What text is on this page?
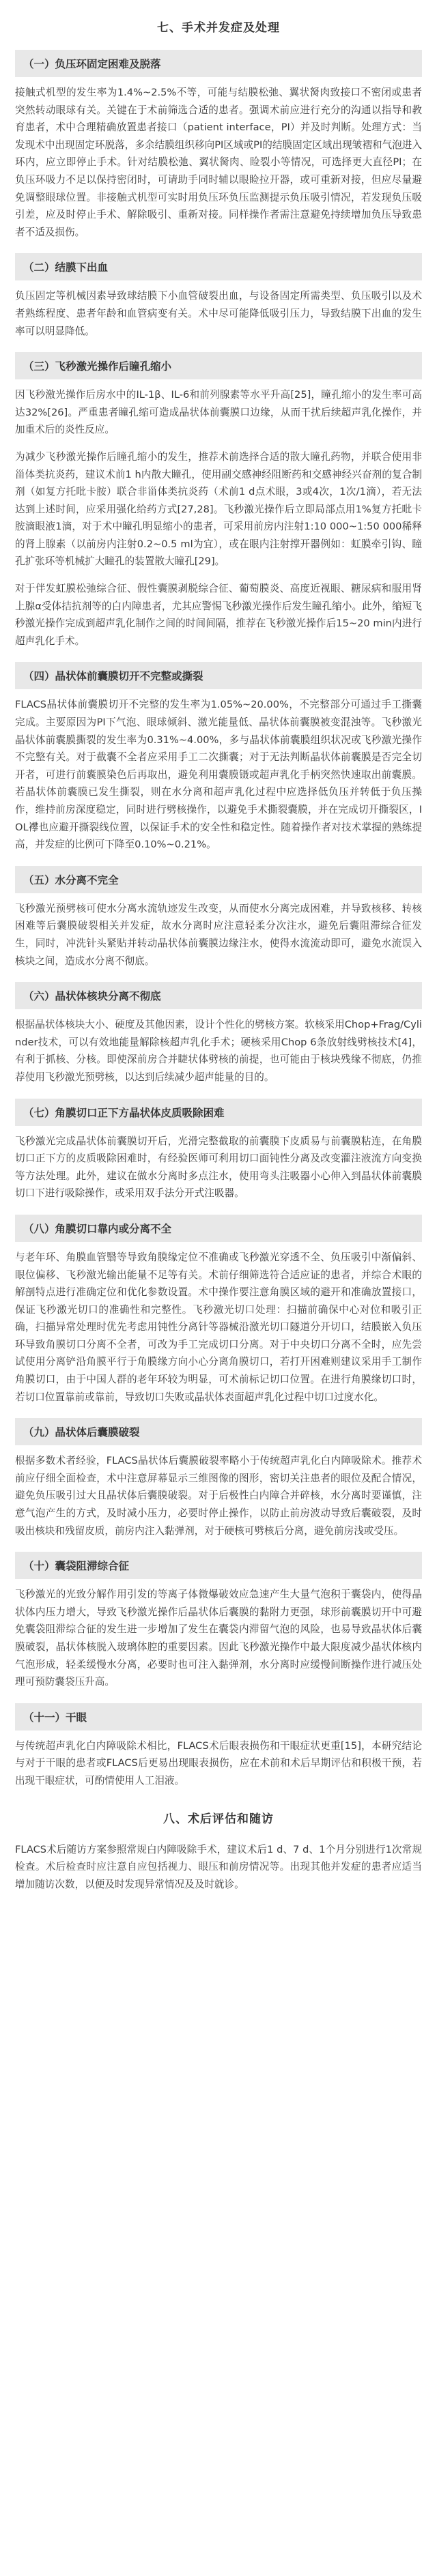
七、手术并发症及处理
（一）负压环固定困难及脱落

接触式机型的发生率为1.4%~2.5%不等，可能与结膜松弛、翼状胬肉致接口不密闭或患者突然转动眼球有关。关键在于术前筛选合适的患者。强调术前应进行充分的沟通以指导和教育患者，术中合理精确放置患者接口（patient interface，PI）并及时判断。处理方式：当发现术中出现固定环脱落，多余结膜组织移向PI区域或PI的结膜固定区域出现皱褶和气泡进入环内，应立即停止手术。针对结膜松弛、翼状胬肉、睑裂小等情况，可选择更大直径PI；在负压环吸力不足以保持密闭时，可请助手同时辅以眼睑拉开器，或可重新对接，但应尽量避免调整眼球位置。非接触式机型可实时用负压环负压监测提示负压吸引情况，若发现负压吸引差，应及时停止手术、解除吸引、重新对接。同样操作者需注意避免持续增加负压导致患者不适及损伤。

（二）结膜下出血

负压固定等机械因素导致球结膜下小血管破裂出血，与设备固定所需类型、负压吸引以及术者熟练程度、患者年龄和血管病变有关。术中尽可能降低吸引压力，导致结膜下出血的发生率可以明显降低。

（三）飞秒激光操作后瞳孔缩小

因飞秒激光操作后房水中的IL-1β、IL-6和前列腺素等水平升高[25]，瞳孔缩小的发生率可高达32%[26]。严重患者瞳孔缩可造成晶状体前囊膜口边缘，从而干扰后续超声乳化操作，并加重术后的炎性反应。

为减少飞秒激光操作后瞳孔缩小的发生，推荐术前选择合适的散大瞳孔药物，并联合使用非甾体类抗炎药，建议术前1 h内散大瞳孔，使用副交感神经阻断药和交感神经兴奋剂的复合制剂（如复方托吡卡胺）联合非甾体类抗炎药（术前1 d点术眼，3或4次，1次/1滴），若无法达到上述时间，应采用强化给药方式[27,28]。飞秒激光操作后立即局部点用1%复方托吡卡胺滴眼液1滴，对于术中瞳孔明显缩小的患者，可采用前房内注射1:10 000~1:50 000稀释的肾上腺素（以前房内注射0.2~0.5 ml为宜），或在眼内注射撑开器例如：虹膜牵引钩、瞳孔扩张环等机械扩大瞳孔的装置散大瞳孔[29]。

对于伴发虹膜松弛综合征、假性囊膜剥脱综合征、葡萄膜炎、高度近视眼、糖尿病和服用肾上腺α受体拮抗剂等的白内障患者，尤其应警惕飞秒激光操作后发生瞳孔缩小。此外，缩短飞秒激光操作完成到超声乳化制作之间的时间间隔，推荐在飞秒激光操作后15~20 min内进行超声乳化手术。

（四）晶状体前囊膜切开不完整或撕裂

FLACS晶状体前囊膜切开不完整的发生率为1.05%~20.00%，不完整部分可通过手工撕囊完成。主要原因为PI下气泡、眼球倾斜、激光能量低、晶状体前囊膜被变混浊等。飞秒激光晶状体前囊膜撕裂的发生率为0.31%~4.00%，多与晶状体前囊膜组织状况或飞秒激光操作不完整有关。对于截囊不全者应采用手工二次撕囊；对于无法判断晶状体前囊膜是否完全切开者，可进行前囊膜染色后再取出，避免利用囊膜镊或超声乳化手柄突然快速取出前囊膜。若晶状体前囊膜已发生撕裂，则在水分离和超声乳化过程中应选择低负压并转低于负压操作，维持前房深度稳定，同时进行劈核操作，以避免手术撕裂囊膜，并在完成切开撕裂区，IOL襻也应避开撕裂线位置，以保证手术的安全性和稳定性。随着操作者对技术掌握的熟练提高，并发症的比例可下降至0.10%~0.21%。

（五）水分离不完全

飞秒激光预劈核可使水分离水流轨迹发生改变，从而使水分离完成困难，并导致核移、转核困难等后囊膜破裂相关并发症，故水分离时应注意轻柔分次注水，避免后囊阻滞综合征发生，同时，冲洗针头紧贴并转动晶状体前囊膜边缘注水，使得水流流动即可，避免水流误入核块之间，造成水分离不彻底。

（六）晶状体核块分离不彻底

根据晶状体核块大小、硬度及其他因素，设计个性化的劈核方案。软核采用Chop+Frag/Cylinder技术，可以有效地能量解除核超声乳化手术；硬核采用Chop 6条放射线劈核技术[4]，有利于抓核、分核。即使深前房合并睫状体劈核的前提，也可能由于核块残缘不彻底，仍推荐使用飞秒激光预劈核，以达到后续减少超声能量的目的。

（七）角膜切口正下方晶状体皮质吸除困难

飞秒激光完成晶状体前囊膜切开后，光滑完整截取的前囊膜下皮质易与前囊膜粘连，在角膜切口正下方的皮质吸除困难时，有经验医师可利用切口面钝性分离及改变灌注液流方向变换等方法处理。此外，建议在做水分离时多点注水，使用弯头注吸器小心伸入到晶状体前囊膜切口下进行吸除操作，或采用双手法分开式注吸器。

（八）角膜切口靠内或分离不全

与老年环、角膜血管翳等导致角膜缘定位不准确或飞秒激光穿透不全、负压吸引中渐偏斜、眼位偏移、飞秒激光输出能量不足等有关。术前仔细筛选符合适应证的患者，并综合术眼的解剖特点进行准确定位和优化参数设置。术中操作要注意角膜区域的避开和准确放置接口，保证飞秒激光切口的准确性和完整性。飞秒激光切口处理：扫描前确保中心对位和吸引正确，扫描异常处理时优先考虑用钝性分离针等器械沿激光切口隧道分开切口，结膜嵌入负压环导致角膜切口分离不全者，可改为手工完成切口分离。对于中央切口分离不全时，应先尝试使用分离铲沿角膜平行于角膜缘方向小心分离角膜切口，若打开困难则建议采用手工制作角膜切口，由于中国人群的老年环较为明显，可术前标记切口位置。在进行角膜缘切口时，若切口位置靠前或靠前，导致切口失败或晶状体表面超声乳化过程中切口过度水化。

（九）晶状体后囊膜破裂

根据多数术者经验，FLACS晶状体后囊膜破裂率略小于传统超声乳化白内障吸除术。推荐术前应仔细全面检查，术中注意屏幕显示三维图像的图形，密切关注患者的眼位及配合情况，避免负压吸引过大且晶状体后囊膜破裂。对于后极性白内障合并碎核，水分离时要谨慎，注意气泡产生的方式，及时减小压力，必要时停止操作，以防止前房波动导致后囊破裂，及时吸出核块和残留皮质，前房内注入黏弹剂，对于硬核可劈核后分离，避免前房浅或受压。

（十）囊袋阻滞综合征

飞秒激光的光致分解作用引发的等离子体微爆破效应急速产生大量气泡积于囊袋内，使得晶状体内压力增大，导致飞秒激光操作后晶状体后囊膜的黏附力更强，球形前囊膜切开中可避免囊袋阻滞综合征的发生进一步增加了发生在囊袋内滞留气泡的风险，也易导致晶状体后囊膜破裂，晶状体核脱入玻璃体腔的重要因素。因此飞秒激光操作中最大限度减少晶状体核内气泡形成，轻柔缓慢水分离，必要时也可注入黏弹剂，水分离时应缓慢间断操作进行减压处理可预防囊袋压升高。

（十一）干眼

与传统超声乳化白内障吸除术相比，FLACS术后眼表损伤和干眼症状更重[15]，本研究结论与对于干眼的患者或FLACS后更易出现眼表损伤，应在术前和术后早期评估和积极干预，若出现干眼症状，可酌情使用人工泪液。

八、术后评估和随访

FLACS术后随访方案参照常规白内障吸除手术，建议术后1 d、7 d、1个月分别进行1次常规检查。术后检查时应注意自应包括视力、眼压和前房情况等。出现其他并发症的患者应适当增加随访次数，以便及时发现异常情况及及时就诊。
